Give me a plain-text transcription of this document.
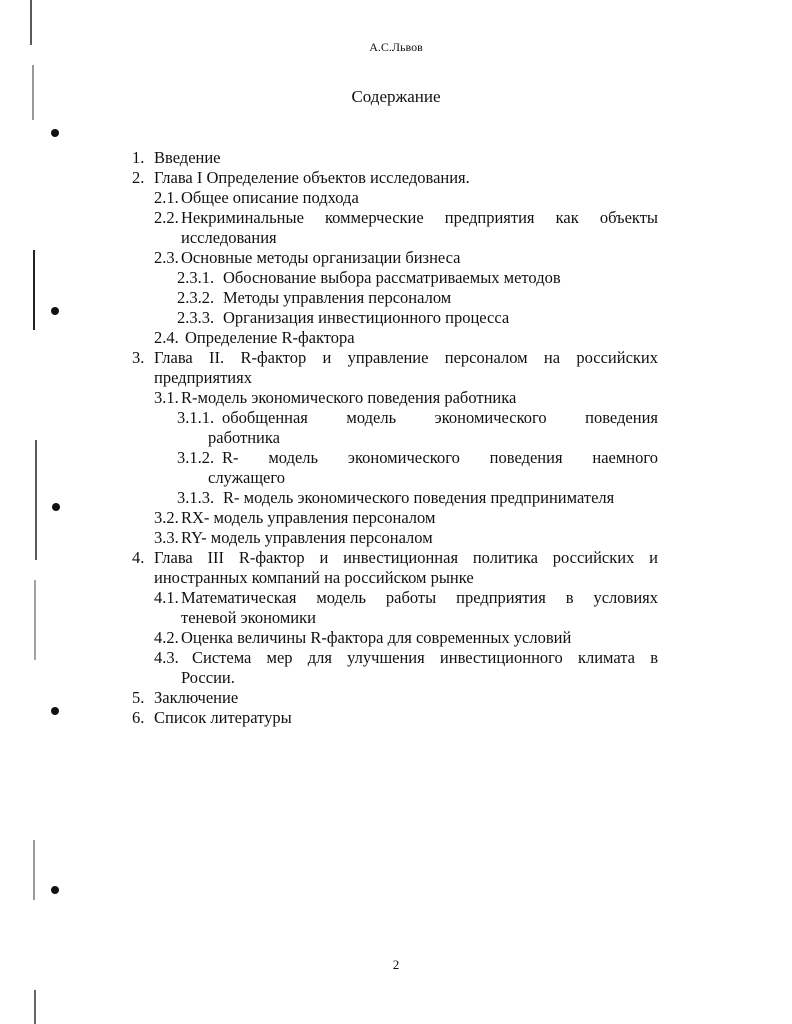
А.С.Львов
Содержание
1. Введение
2. Глава I Определение объектов исследования.
2.1. Общее описание подхода
2.2. Некриминальные коммерческие предприятия как объекты
исследования
2.3. Основные методы организации бизнеса
2.3.1. Обоснование выбора рассматриваемых методов
2.3.2. Методы управления персоналом
2.3.3. Организация инвестиционного процесса
2.4. Определение R-фактора
3. Глава II. R-фактор и управление персоналом на российских
предприятиях
3.1. R-модель экономического поведения работника
3.1.1. обобщенная модель экономического поведения
работника
3.1.2. R- модель экономического поведения наемного
служащего
3.1.3. R- модель экономического поведения предпринимателя
3.2. RX- модель управления персоналом
3.3. RY- модель управления персоналом
4. Глава III R-фактор и инвестиционная политика российских и
иностранных компаний на российском рынке
4.1. Математическая модель работы предприятия в условиях
теневой экономики
4.2. Оценка величины R-фактора для современных условий
4.3. Система мер для улучшения инвестиционного климата в
России.
5. Заключение
6. Список литературы
2
